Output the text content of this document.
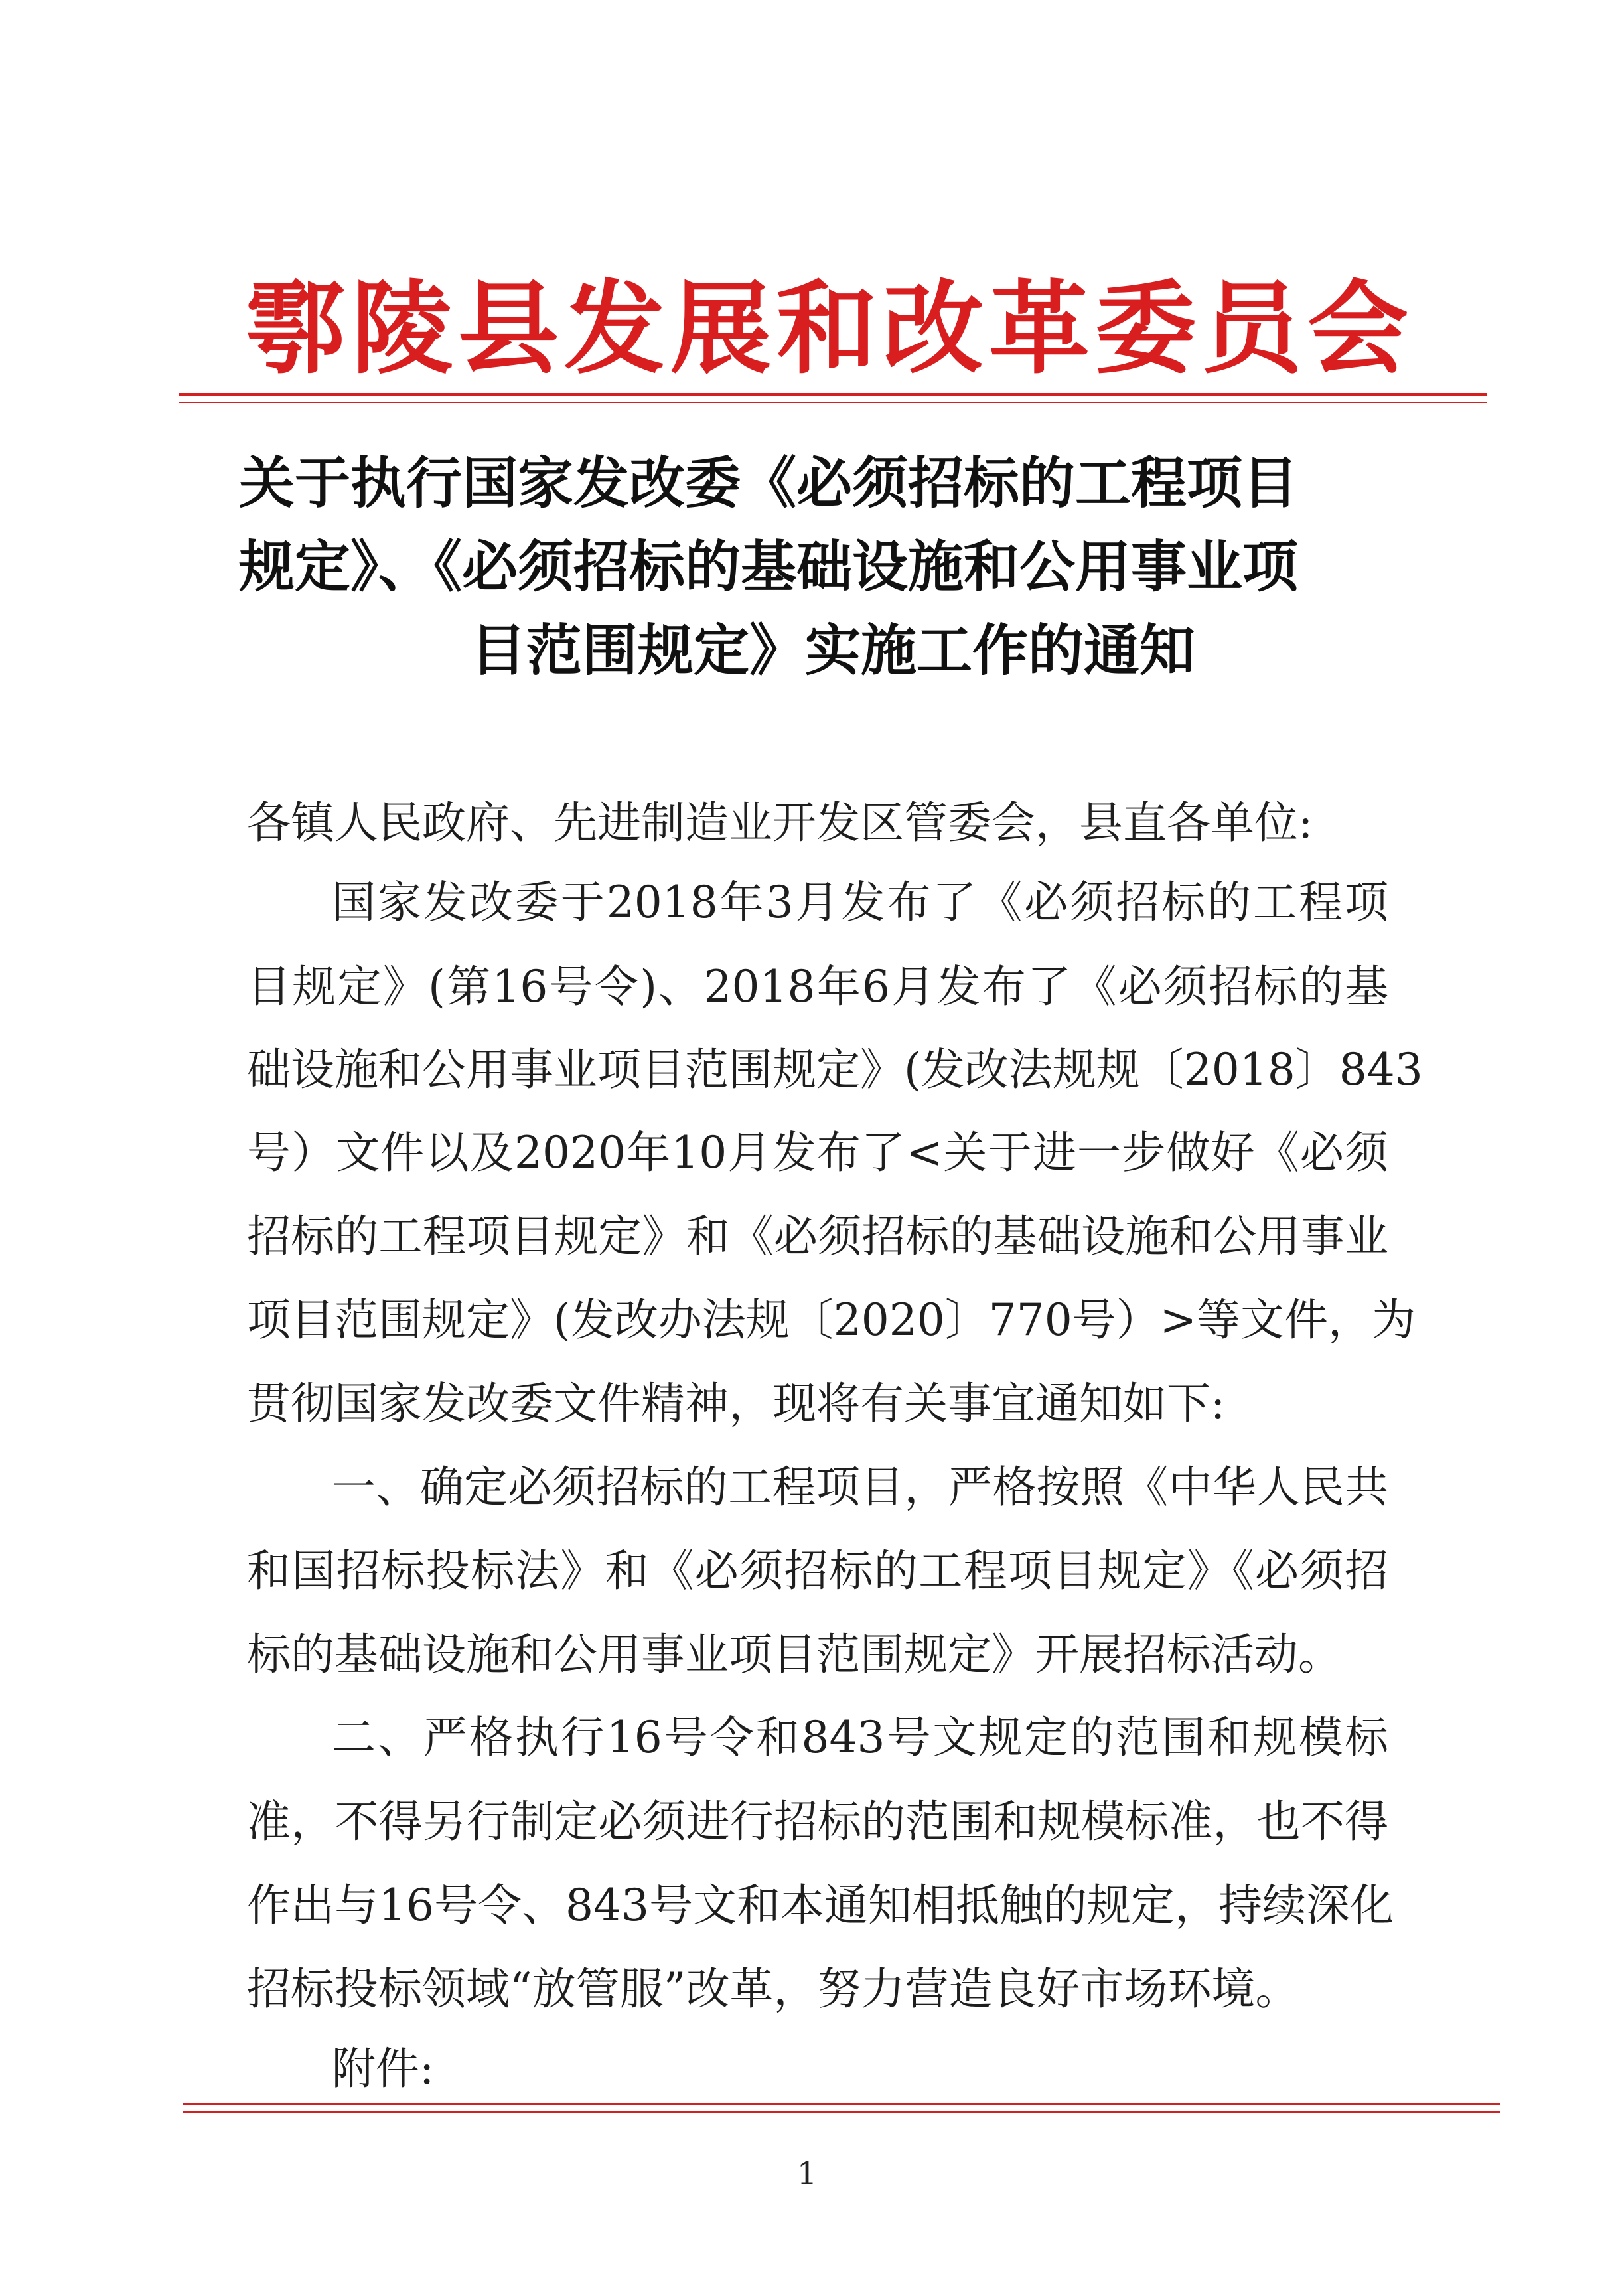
鄠陵县发展和改革委员会
关于执行国家发改委《必须招标的工程项目
规定》、《必须招标的基础设施和公用事业项
目范围规定》实施工作的通知

各镇人民政府、先进制造业开发区管委会，县直各单位:

国家发改委于2018年3月发布了《必须招标的工程项

目规定》(第16号令)、2018年6月发布了《必须招标的基

础设施和公用事业项目范围规定》(发改法规规〔2018〕843

号）文件以及2020年10月发布了<关于进一步做好《必须

招标的工程项目规定》和《必须招标的基础设施和公用事业

项目范围规定》(发改办法规〔2020〕770号）>等文件，为

贯彻国家发改委文件精神，现将有关事宜通知如下:

一、确定必须招标的工程项目，严格按照《中华人民共

和国招标投标法》和《必须招标的工程项目规定》《必须招

标的基础设施和公用事业项目范围规定》开展招标活动。

二、严格执行16号令和843号文规定的范围和规模标

准，不得另行制定必须进行招标的范围和规模标准，也不得

作出与16号令、843号文和本通知相抵触的规定，持续深化

招标投标领域“放管服”改革，努力营造良好市场环境。

附件:

1
